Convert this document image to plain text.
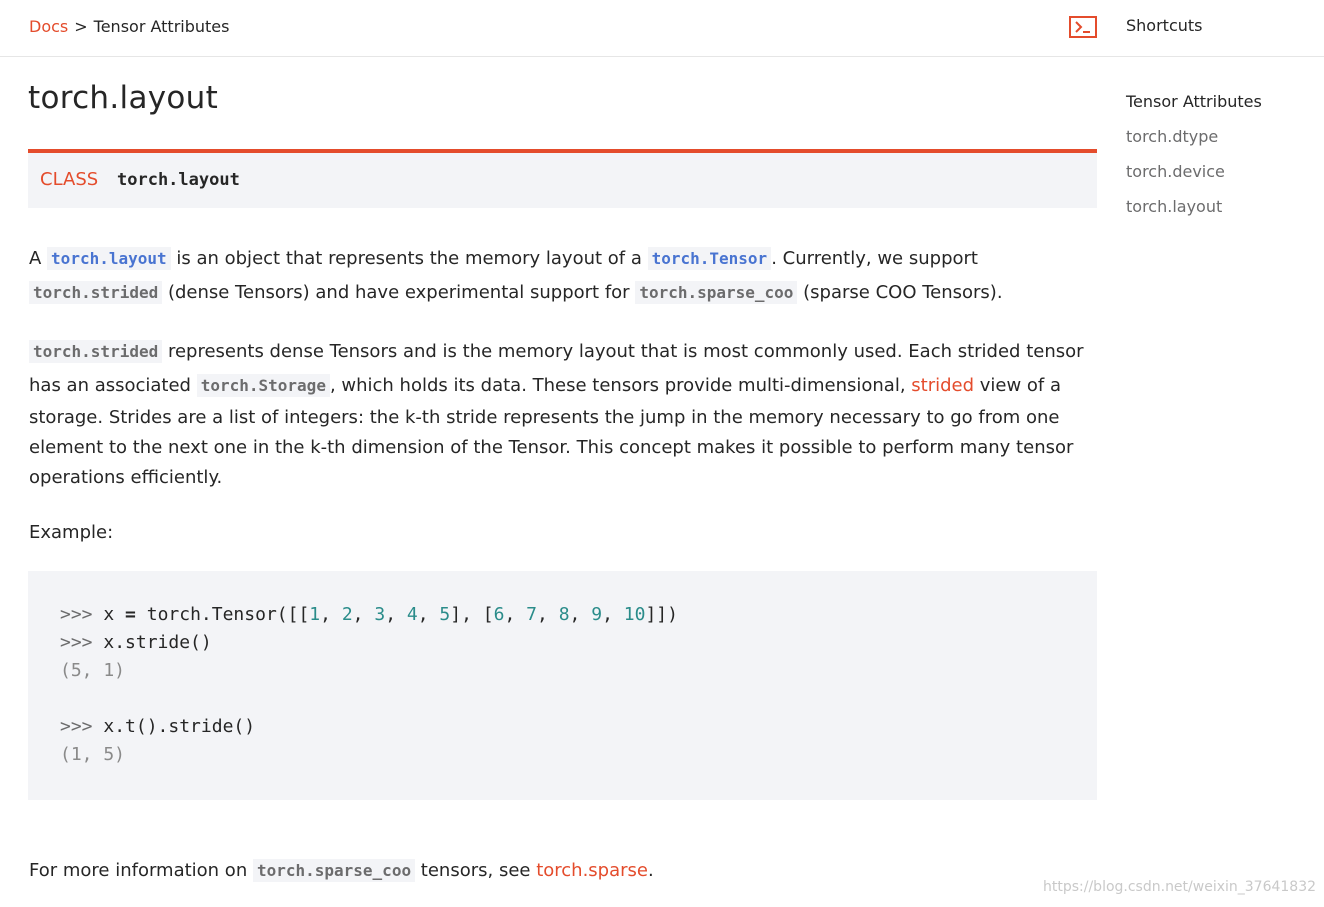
Docs > Tensor Attributes	Shortcuts
torch.layout
CLASS torch.layout
A torch.layout is an object that represents the memory layout of a torch.Tensor . Currently, we support
torch.strided (dense Tensors) and have experimental support for torch.sparse_coo (sparse COO Tensors).
torch.strided represents dense Tensors and is the memory layout that is most commonly used. Each strided tensor
has an associated torch.Storage , which holds its data. These tensors provide multi-dimensional, strided view of a
storage. Strides are a list of integers: the k-th stride represents the jump in the memory necessary to go from one
element to the next one in the k-th dimension of the Tensor. This concept makes it possible to perform many tensor
operations efficiently.
Example:
>>> x = torch.Tensor([[1, 2, 3, 4, 5], [6, 7, 8, 9, 10]])
>>> x.stride()
(5, 1)

>>> x.t().stride()
(1, 5)
For more information on torch.sparse_coo tensors, see torch.sparse.
Tensor Attributes
torch.dtype
torch.device
torch.layout
https://blog.csdn.net/weixin_37641832
